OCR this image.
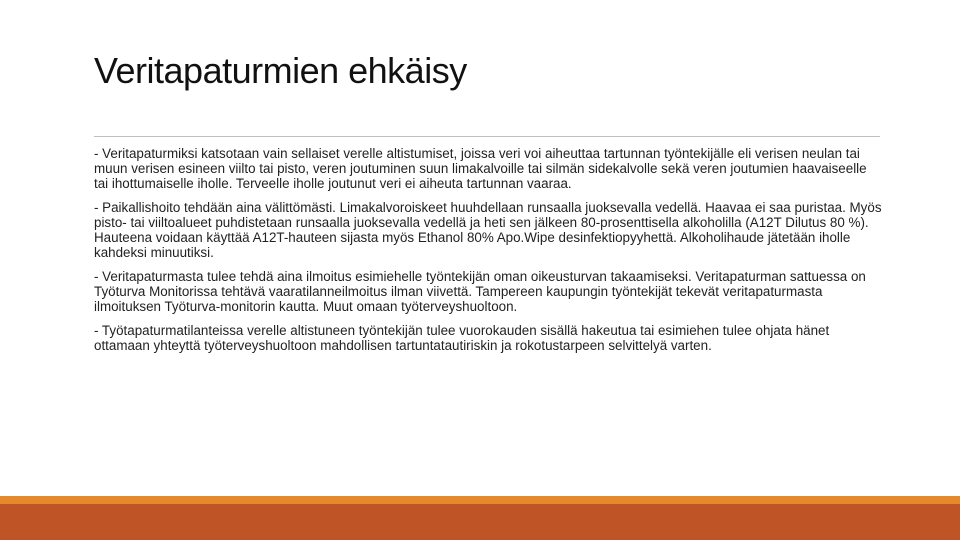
Veritapaturmien ehkäisy

- Veritapaturmiksi katsotaan vain sellaiset verelle altistumiset, joissa veri voi aiheuttaa tartunnan työntekijälle eli verisen neulan tai muun verisen esineen viilto tai pisto, veren joutuminen suun limakalvoille tai silmän sidekalvolle sekä veren joutumien haavaiseelle tai ihottumaiselle iholle. Terveelle iholle joutunut veri ei aiheuta tartunnan vaaraa.

- Paikallishoito tehdään aina välittömästi. Limakalvoroiskeet huuhdellaan runsaalla juoksevalla vedellä. Haavaa ei saa puristaa. Myös pisto- tai viiltoalueet puhdistetaan runsaalla juoksevalla vedellä ja heti sen jälkeen 80-prosenttisella alkoholilla (A12T Dilutus 80 %). Hauteena voidaan käyttää A12T-hauteen sijasta myös Ethanol 80% Apo.Wipe desinfektiopyyhettä. Alkoholihaude jätetään iholle kahdeksi minuutiksi.

- Veritapaturmasta tulee tehdä aina ilmoitus esimiehelle työntekijän oman oikeusturvan takaamiseksi. Veritapaturman sattuessa on Työturva Monitorissa tehtävä vaaratilanneilmoitus ilman viivettä. Tampereen kaupungin työntekijät tekevät veritapaturmasta ilmoituksen Työturva-monitorin kautta. Muut omaan työterveyshuoltoon.

- Työtapaturmatilanteissa verelle altistuneen työntekijän tulee vuorokauden sisällä hakeutua tai esimiehen tulee ohjata hänet ottamaan yhteyttä työterveyshuoltoon mahdollisen tartuntatautiriskin ja rokotustarpeen selvittelyä varten.
